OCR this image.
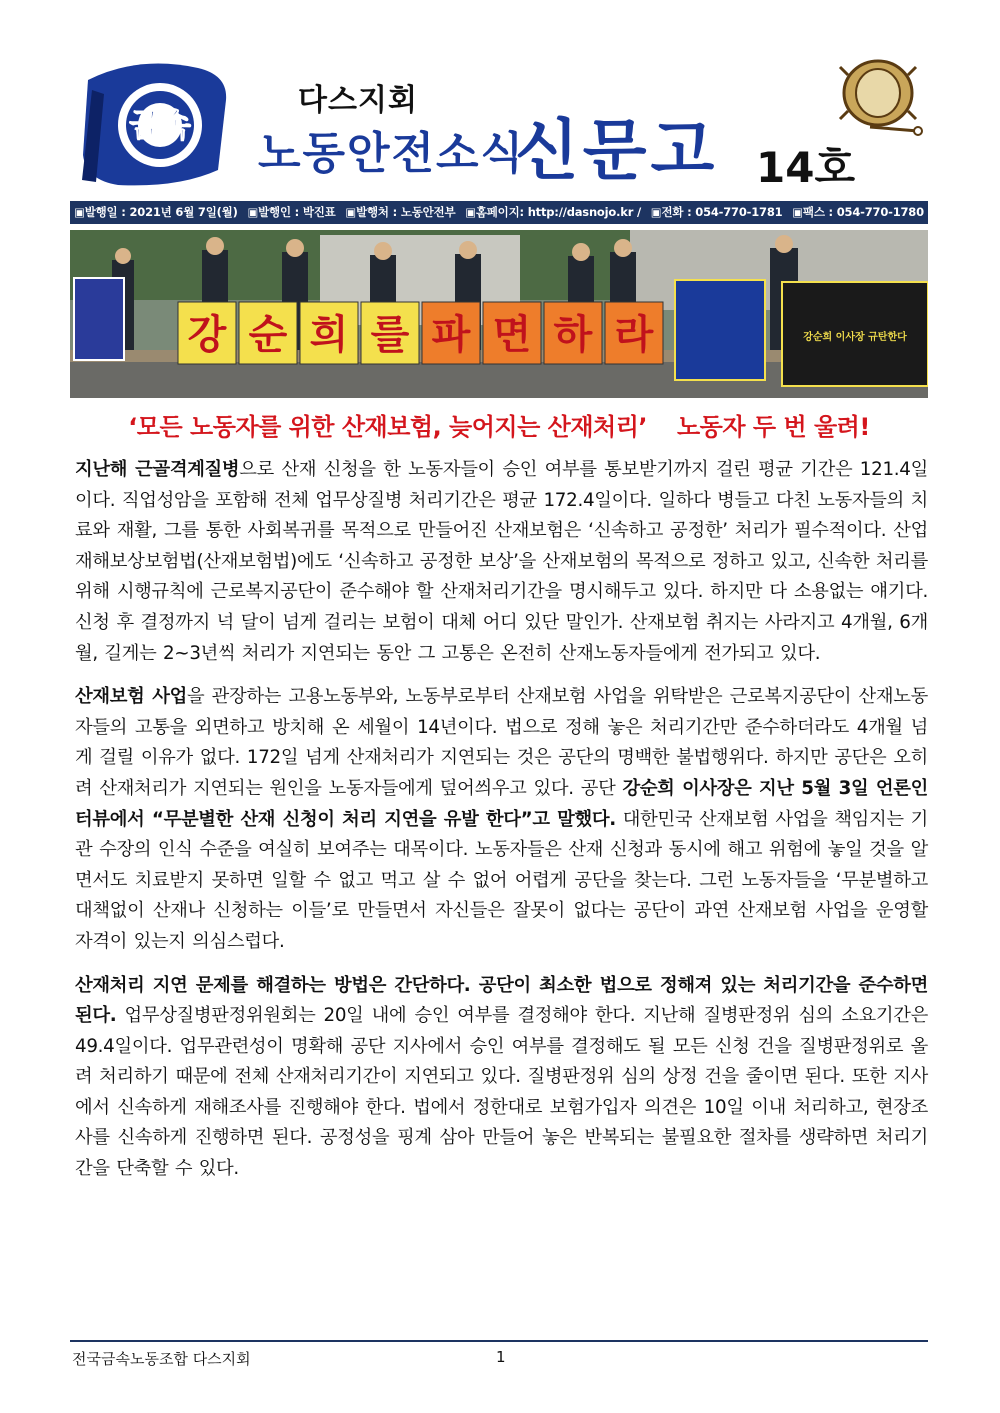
금속
다스지회
노동안전소식
신문고 14호
▣발행일 : 2021년 6월 7일(월) ▣발행인 : 박진표 ▣발행처 : 노동안전부 ▣홈페이지: http://dasnojo.kr / ▣전화 : 054-770-1781 ▣팩스 : 054-770-1780
강 순 희 를 파 면 하 라	강순희 이사장 규탄한다
‘모든 노동자를 위한 산재보험, 늦어지는 산재처리’ 노동자 두 번 울려!

지난해 근골격계질병으로 산재 신청을 한 노동자들이 승인 여부를 통보받기까지 걸린 평균 기간은 121.4일이다. 직업성암을 포함해 전체 업무상질병 처리기간은 평균 172.4일이다. 일하다 병들고 다친 노동자들의 치료와 재활, 그를 통한 사회복귀를 목적으로 만들어진 산재보험은 ‘신속하고 공정한’ 처리가 필수적이다. 산업재해보상보험법(산재보험법)에도 ‘신속하고 공정한 보상’을 산재보험의 목적으로 정하고 있고, 신속한 처리를 위해 시행규칙에 근로복지공단이 준수해야 할 산재처리기간을 명시해두고 있다. 하지만 다 소용없는 얘기다. 신청 후 결정까지 넉 달이 넘게 걸리는 보험이 대체 어디 있단 말인가. 산재보험 취지는 사라지고 4개월, 6개월, 길게는 2~3년씩 처리가 지연되는 동안 그 고통은 온전히 산재노동자들에게 전가되고 있다.

산재보험 사업을 관장하는 고용노동부와, 노동부로부터 산재보험 사업을 위탁받은 근로복지공단이 산재노동자들의 고통을 외면하고 방치해 온 세월이 14년이다. 법으로 정해 놓은 처리기간만 준수하더라도 4개월 넘게 걸릴 이유가 없다. 172일 넘게 산재처리가 지연되는 것은 공단의 명백한 불법행위다. 하지만 공단은 오히려 산재처리가 지연되는 원인을 노동자들에게 덮어씌우고 있다. 공단 강순희 이사장은 지난 5월 3일 언론인터뷰에서 “무분별한 산재 신청이 처리 지연을 유발 한다”고 말했다. 대한민국 산재보험 사업을 책임지는 기관 수장의 인식 수준을 여실히 보여주는 대목이다. 노동자들은 산재 신청과 동시에 해고 위험에 놓일 것을 알면서도 치료받지 못하면 일할 수 없고 먹고 살 수 없어 어렵게 공단을 찾는다. 그런 노동자들을 ‘무분별하고 대책없이 산재나 신청하는 이들’로 만들면서 자신들은 잘못이 없다는 공단이 과연 산재보험 사업을 운영할 자격이 있는지 의심스럽다.

산재처리 지연 문제를 해결하는 방법은 간단하다. 공단이 최소한 법으로 정해져 있는 처리기간을 준수하면 된다. 업무상질병판정위원회는 20일 내에 승인 여부를 결정해야 한다. 지난해 질병판정위 심의 소요기간은 49.4일이다. 업무관련성이 명확해 공단 지사에서 승인 여부를 결정해도 될 모든 신청 건을 질병판정위로 올려 처리하기 때문에 전체 산재처리기간이 지연되고 있다. 질병판정위 심의 상정 건을 줄이면 된다. 또한 지사에서 신속하게 재해조사를 진행해야 한다. 법에서 정한대로 보험가입자 의견은 10일 이내 처리하고, 현장조사를 신속하게 진행하면 된다. 공정성을 핑계 삼아 만들어 놓은 반복되는 불필요한 절차를 생략하면 처리기간을 단축할 수 있다.

전국금속노동조합 다스지회	1
